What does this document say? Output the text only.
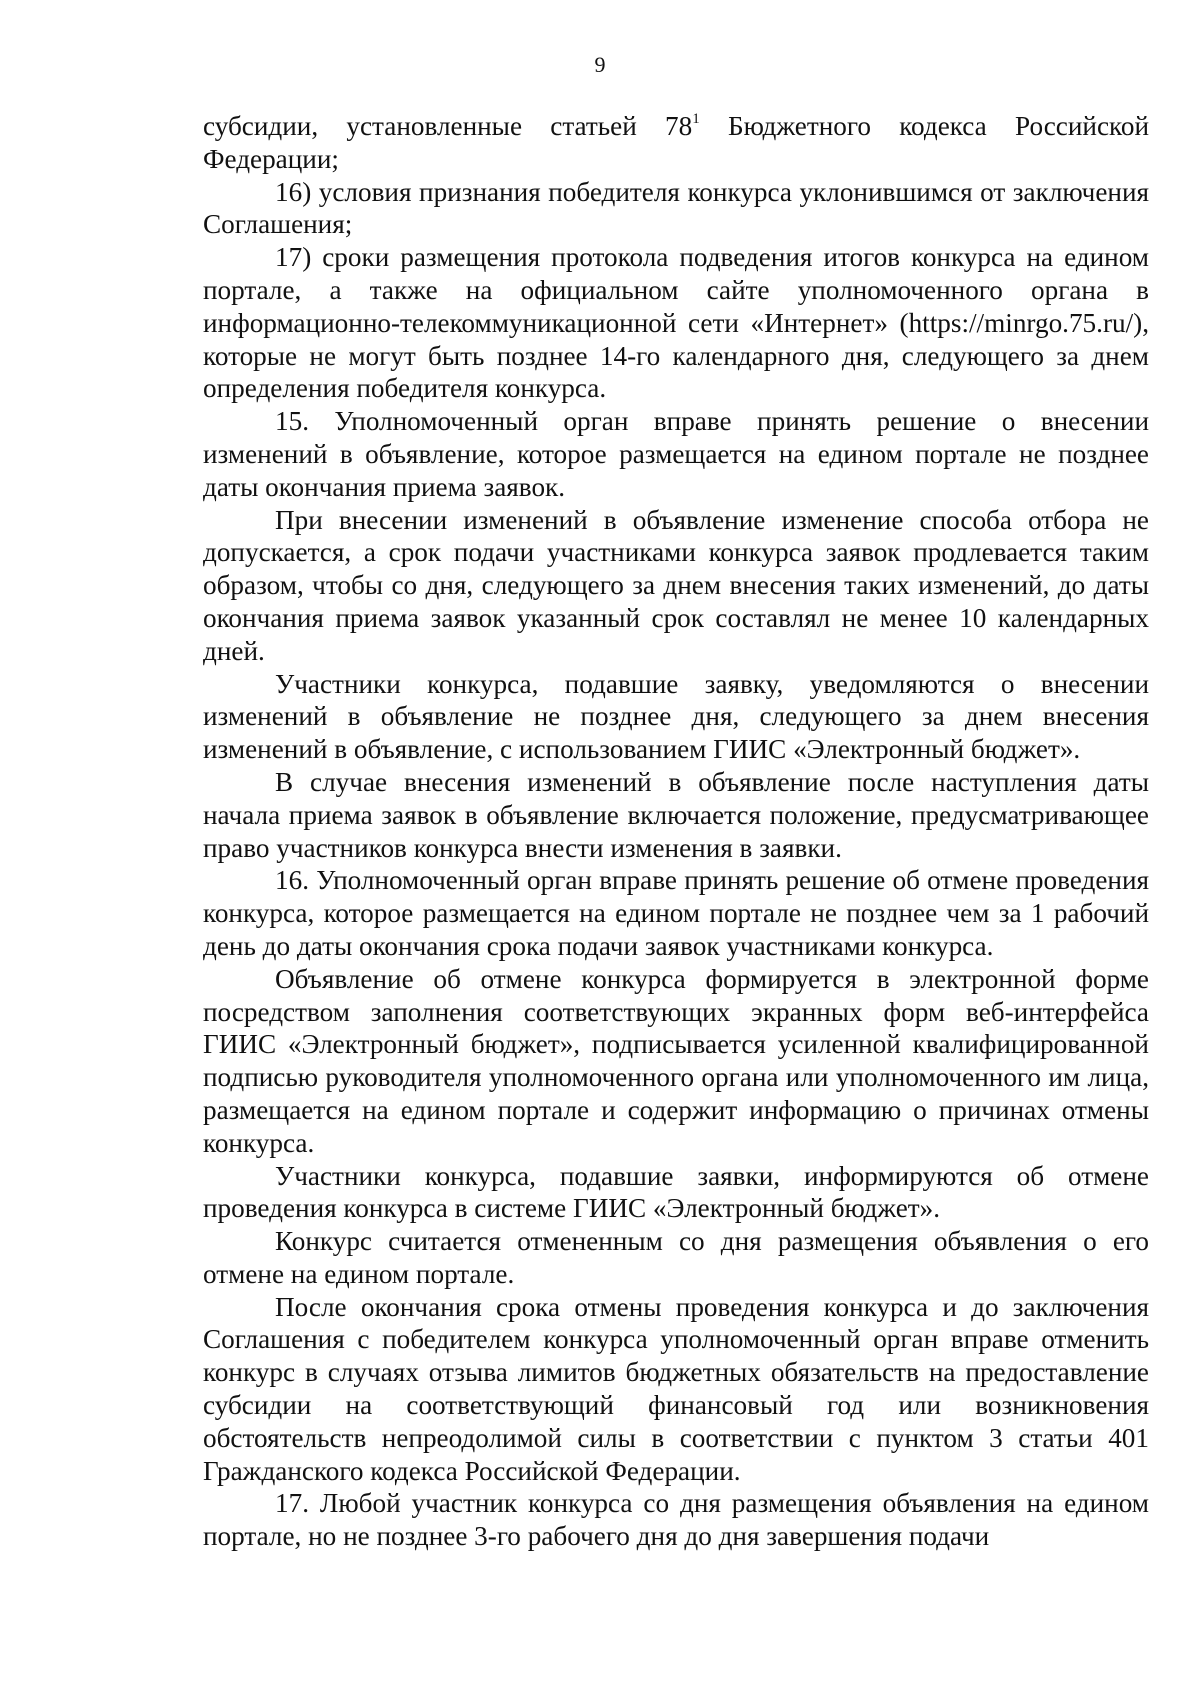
9

субсидии, установленные статьей $78^1$ Бюджетного кодекса Российской Федерации;

16) условия признания победителя конкурса уклонившимся от заключения Соглашения;

17) сроки размещения протокола подведения итогов конкурса на едином портале, а также на официальном сайте уполномоченного органа в информационно-телекоммуникационной сети «Интернет» (https://minrgo.75.ru/), которые не могут быть позднее 14-го календарного дня, следующего за днем определения победителя конкурса.

15. Уполномоченный орган вправе принять решение о внесении изменений в объявление, которое размещается на едином портале не позднее даты окончания приема заявок.

При внесении изменений в объявление изменение способа отбора не допускается, а срок подачи участниками конкурса заявок продлевается таким образом, чтобы со дня, следующего за днем внесения таких изменений, до даты окончания приема заявок указанный срок составлял не менее 10 календарных дней.

Участники конкурса, подавшие заявку, уведомляются о внесении изменений в объявление не позднее дня, следующего за днем внесения изменений в объявление, с использованием ГИИС «Электронный бюджет».

В случае внесения изменений в объявление после наступления даты начала приема заявок в объявление включается положение, предусматривающее право участников конкурса внести изменения в заявки.

16. Уполномоченный орган вправе принять решение об отмене проведения конкурса, которое размещается на едином портале не позднее чем за 1 рабочий день до даты окончания срока подачи заявок участниками конкурса.

Объявление об отмене конкурса формируется в электронной форме посредством заполнения соответствующих экранных форм веб-интерфейса ГИИС «Электронный бюджет», подписывается усиленной квалифицированной подписью руководителя уполномоченного органа или уполномоченного им лица, размещается на едином портале и содержит информацию о причинах отмены конкурса.

Участники конкурса, подавшие заявки, информируются об отмене проведения конкурса в системе ГИИС «Электронный бюджет».

Конкурс считается отмененным со дня размещения объявления о его отмене на едином портале.

После окончания срока отмены проведения конкурса и до заключения Соглашения с победителем конкурса уполномоченный орган вправе отменить конкурс в случаях отзыва лимитов бюджетных обязательств на предоставление субсидии на соответствующий финансовый год или возникновения обстоятельств непреодолимой силы в соответствии с пунктом 3 статьи 401 Гражданского кодекса Российской Федерации.

17. Любой участник конкурса со дня размещения объявления на едином портале, но не позднее 3-го рабочего дня до дня завершения подачи
